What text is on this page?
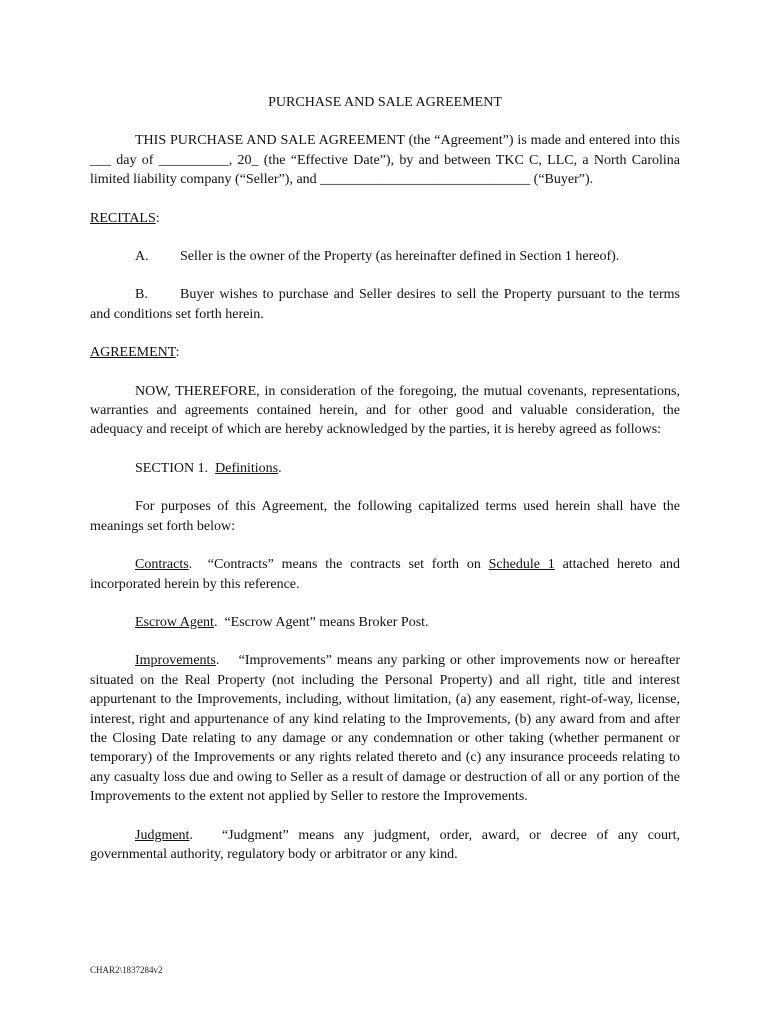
PURCHASE AND SALE AGREEMENT

THIS PURCHASE AND SALE AGREEMENT (the “Agreement”) is made and entered into this ___ day of __________, 20_ (the “Effective Date”), by and between TKC C, LLC, a North Carolina limited liability company (“Seller”), and ______________________________ (“Buyer”).

RECITALS:

A. Seller is the owner of the Property (as hereinafter defined in Section 1 hereof).

B. Buyer wishes to purchase and Seller desires to sell the Property pursuant to the terms and conditions set forth herein.

AGREEMENT:

NOW, THEREFORE, in consideration of the foregoing, the mutual covenants, representations, warranties and agreements contained herein, and for other good and valuable consideration, the adequacy and receipt of which are hereby acknowledged by the parties, it is hereby agreed as follows:

SECTION 1.  Definitions.

For purposes of this Agreement, the following capitalized terms used herein shall have the meanings set forth below:

Contracts.  “Contracts” means the contracts set forth on Schedule 1 attached hereto and incorporated herein by this reference.

Escrow Agent.  “Escrow Agent” means Broker Post.

Improvements.    “Improvements” means any parking or other improvements now or hereafter situated on the Real Property (not including the Personal Property) and all right, title and interest appurtenant to the Improvements, including, without limitation, (a) any easement, right-of-way, license, interest, right and appurtenance of any kind relating to the Improvements, (b) any award from and after the Closing Date relating to any damage or any condemnation or other taking (whether permanent or temporary) of the Improvements or any rights related thereto and (c) any insurance proceeds relating to any casualty loss due and owing to Seller as a result of damage or destruction of all or any portion of the Improvements to the extent not applied by Seller to restore the Improvements.

Judgment.   “Judgment” means any judgment, order, award, or decree of any court, governmental authority, regulatory body or arbitrator or any kind.

CHAR2\1837284v2
